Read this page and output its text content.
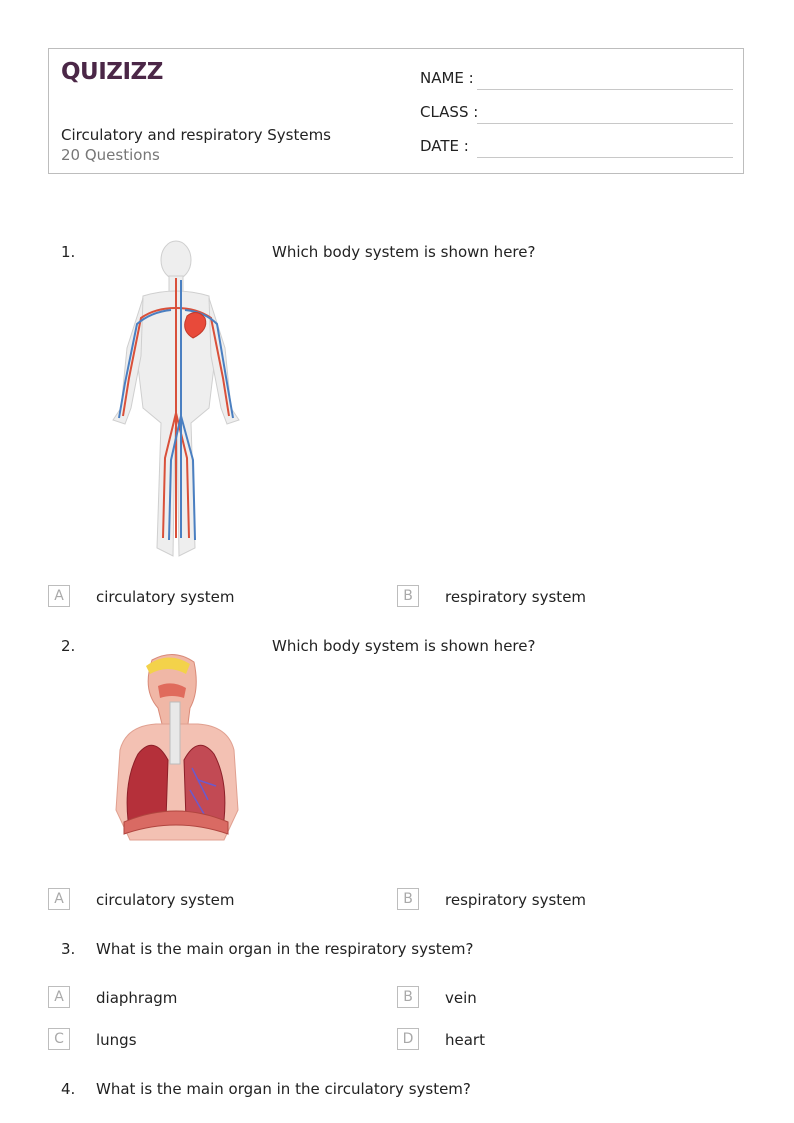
QUIZIZZ
Circulatory and respiratory Systems
20 Questions
NAME :
CLASS :
DATE :
1.	Which body system is shown here?
A	circulatory system	B	respiratory system
2.	Which body system is shown here?
A	circulatory system	B	respiratory system
3. What is the main organ in the respiratory system?
A	diaphragm	B	vein
C	lungs	D	heart
4. What is the main organ in the circulatory system?
